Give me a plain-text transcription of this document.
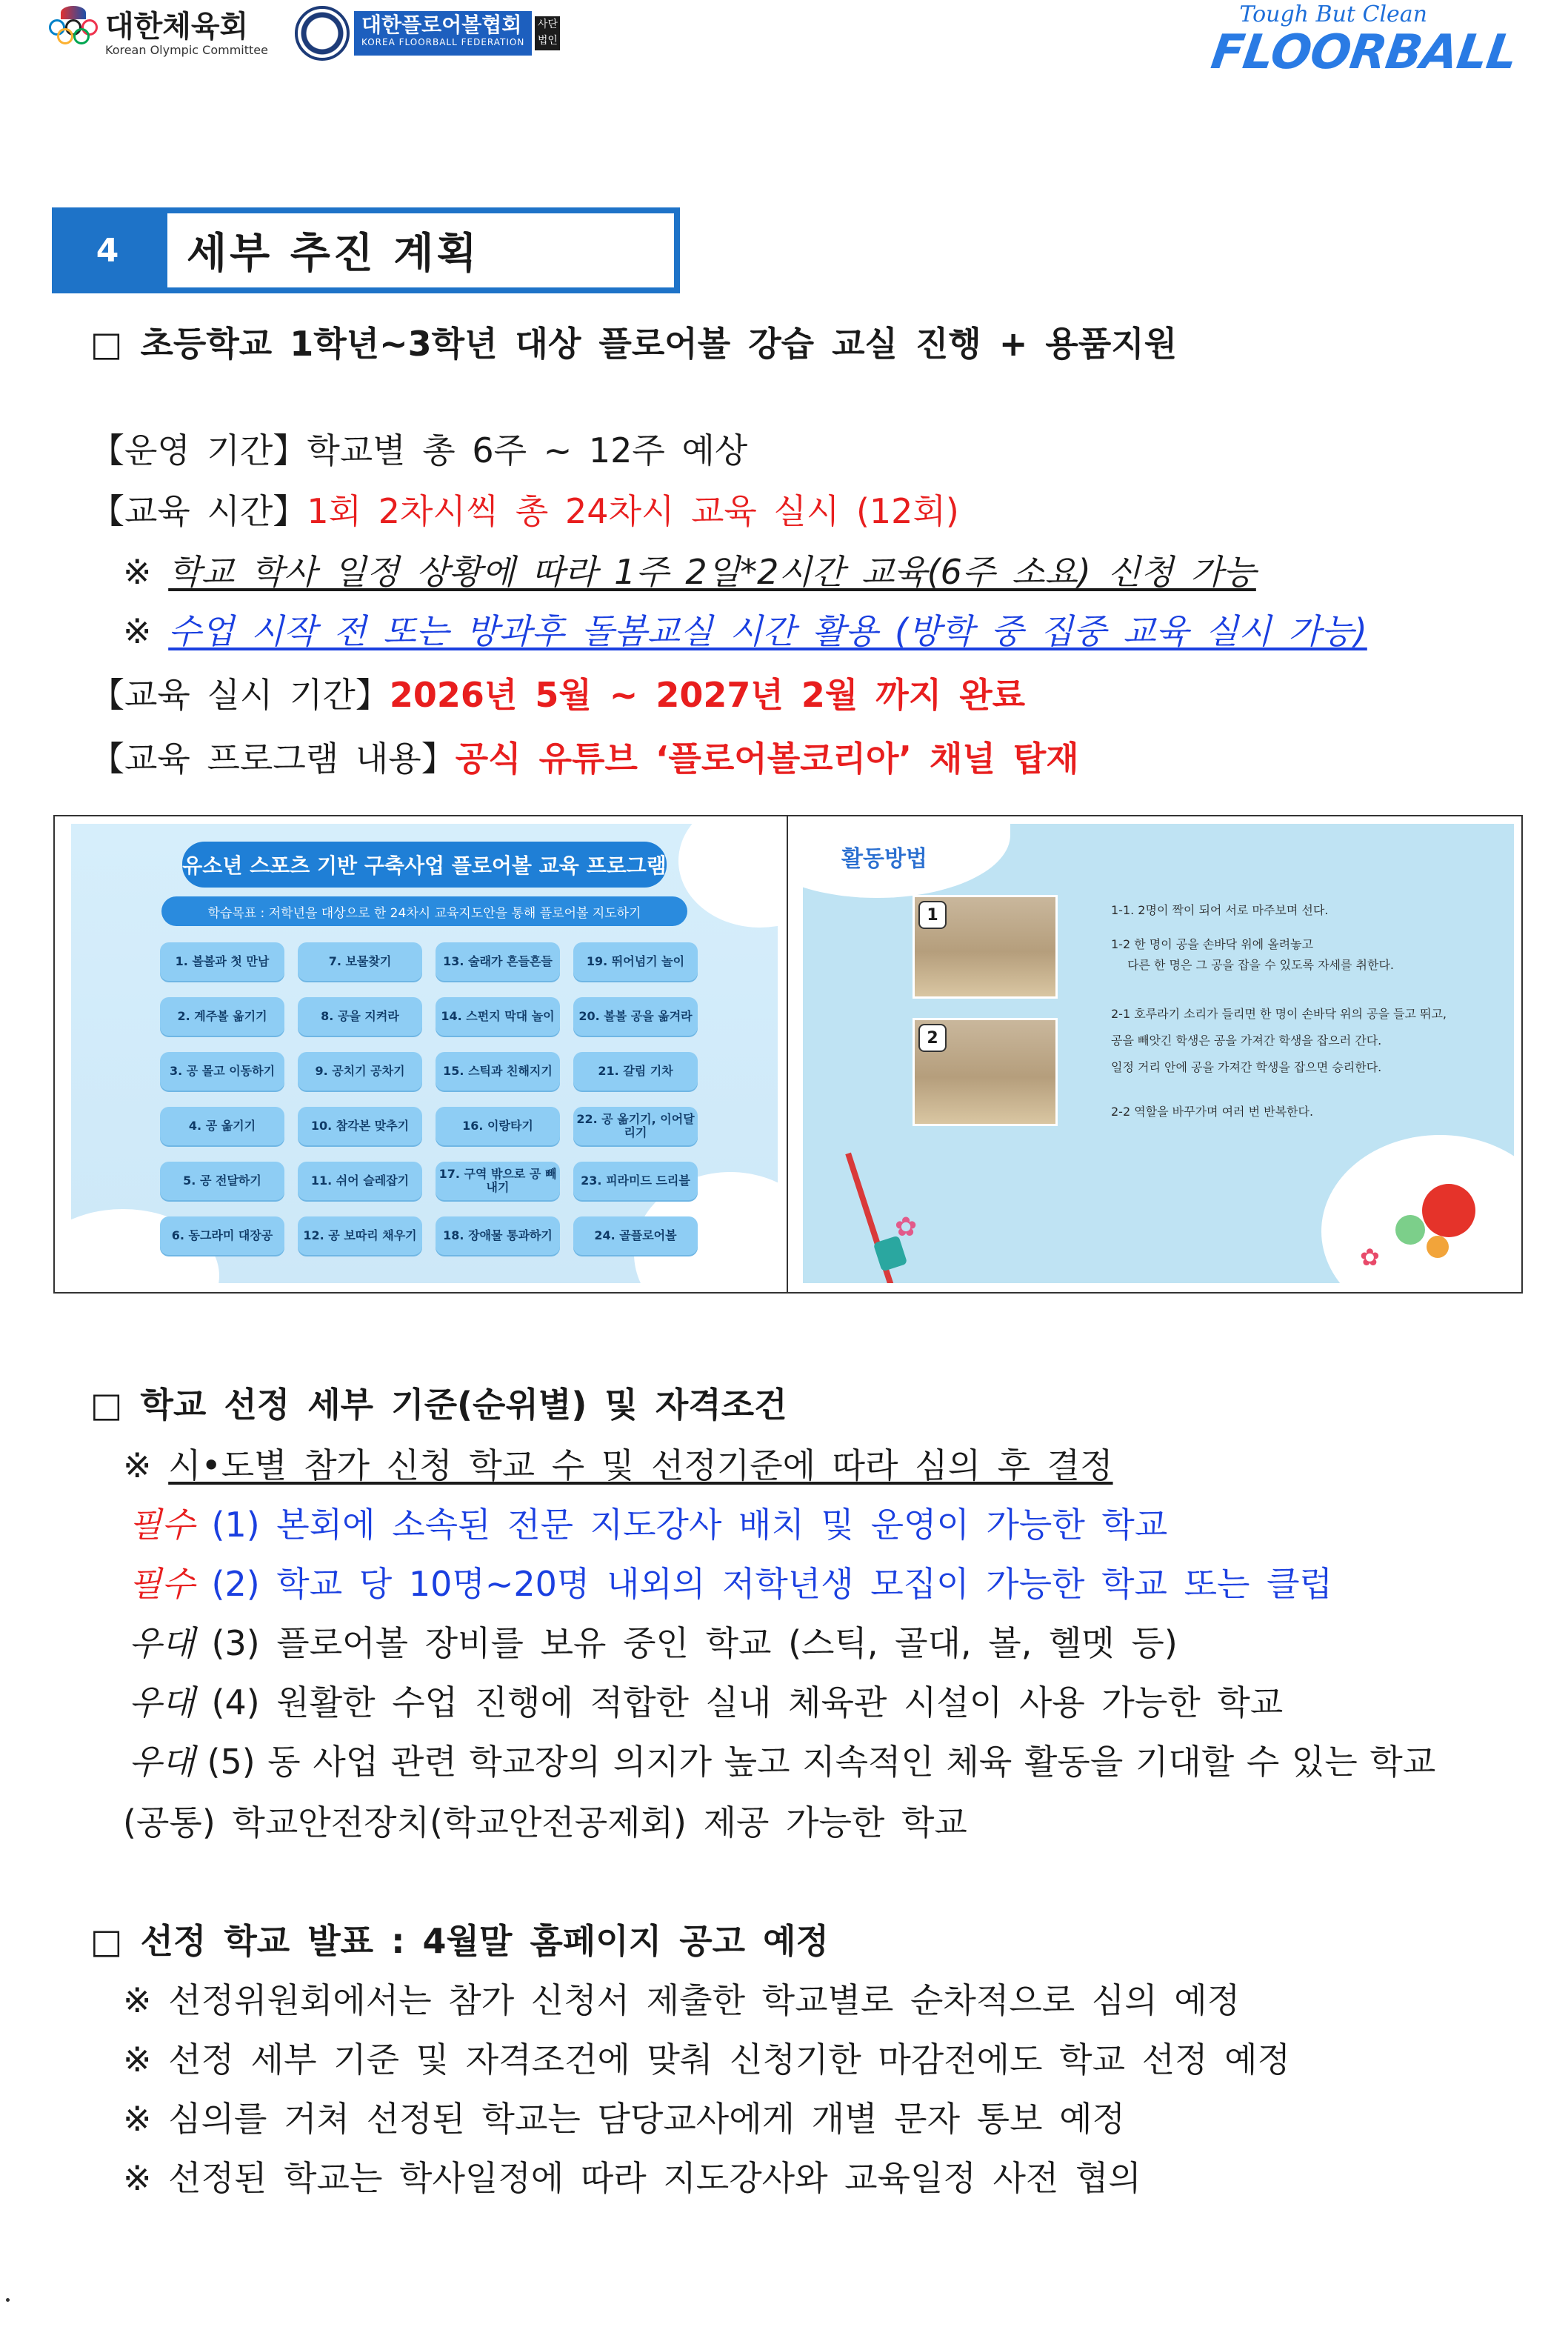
대한체육회
Korean Olympic Committee
대한플로어볼협회
KOREA FLOORBALL FEDERATION
사단법인
Tough But Clean
FLOORBALL
4	세부 추진 계획
□ 초등학교 1학년~3학년 대상 플로어볼 강습 교실 진행 + 용품지원
【운영 기간】학교별 총 6주 ~ 12주 예상
【교육 시간】1회 2차시씩 총 24차시 교육 실시 (12회)
※ 학교 학사 일정 상황에 따라 1주 2일*2시간 교육(6주 소요) 신청 가능
※ 수업 시작 전 또는 방과후 돌봄교실 시간 활용 (방학 중 집중 교육 실시 가능)
【교육 실시 기간】2026년 5월 ~ 2027년 2월 까지 완료
【교육 프로그램 내용】공식 유튜브 ‘플로어볼코리아’ 채널 탑재
유소년 스포츠 기반 구축사업 플로어볼 교육 프로그램
학습목표 : 저학년을 대상으로 한 24차시 교육지도안을 통해 플로어볼 지도하기
1. 볼볼과 첫 만남	7. 보물찾기	13. 술래가 흔들흔들	19. 뛰어넘기 놀이
2. 계주볼 옮기기	8. 공을 지켜라	14. 스펀지 막대 놀이	20. 볼볼 공을 옮겨라
3. 공 몰고 이동하기	9. 공치기 공차기	15. 스틱과 친해지기	21. 갈림 기차
4. 공 옮기기	10. 참각본 맞추기	16. 이랑타기	22. 공 옮기기, 이어달리기
5. 공 전달하기	11. 쉬어 슬레잡기	17. 구역 밖으로 공 빼내기	23. 피라미드 드리블
6. 동그라미 대장공	12. 공 보따리 채우기	18. 장애물 통과하기	24. 골플로어볼
활동방법
1
2
1-1. 2명이 짝이 되어 서로 마주보며 선다.
1-2 한 명이 공을 손바닥 위에 올려놓고
다른 한 명은 그 공을 잡을 수 있도록 자세를 취한다.
2-1 호루라기 소리가 들리면 한 명이 손바닥 위의 공을 들고 뛰고,
공을 빼앗긴 학생은 공을 가져간 학생을 잡으러 간다.
일정 거리 안에 공을 가져간 학생을 잡으면 승리한다.
2-2 역할을 바꾸가며 여러 번 반복한다.
✿
✿
□ 학교 선정 세부 기준(순위별) 및 자격조건
※ 시•도별 참가 신청 학교 수 및 선정기준에 따라 심의 후 결정
필수 (1) 본회에 소속된 전문 지도강사 배치 및 운영이 가능한 학교
필수 (2) 학교 당 10명~20명 내외의 저학년생 모집이 가능한 학교 또는 클럽
우대 (3) 플로어볼 장비를 보유 중인 학교 (스틱, 골대, 볼, 헬멧 등)
우대 (4) 원활한 수업 진행에 적합한 실내 체육관 시설이 사용 가능한 학교
우대 (5) 동 사업 관련 학교장의 의지가 높고 지속적인 체육 활동을 기대할 수 있는 학교
(공통) 학교안전장치(학교안전공제회) 제공 가능한 학교
□ 선정 학교 발표 : 4월말 홈페이지 공고 예정
※ 선정위원회에서는 참가 신청서 제출한 학교별로 순차적으로 심의 예정
※ 선정 세부 기준 및 자격조건에 맞춰 신청기한 마감전에도 학교 선정 예정
※ 심의를 거쳐 선정된 학교는 담당교사에게 개별 문자 통보 예정
※ 선정된 학교는 학사일정에 따라 지도강사와 교육일정 사전 협의
